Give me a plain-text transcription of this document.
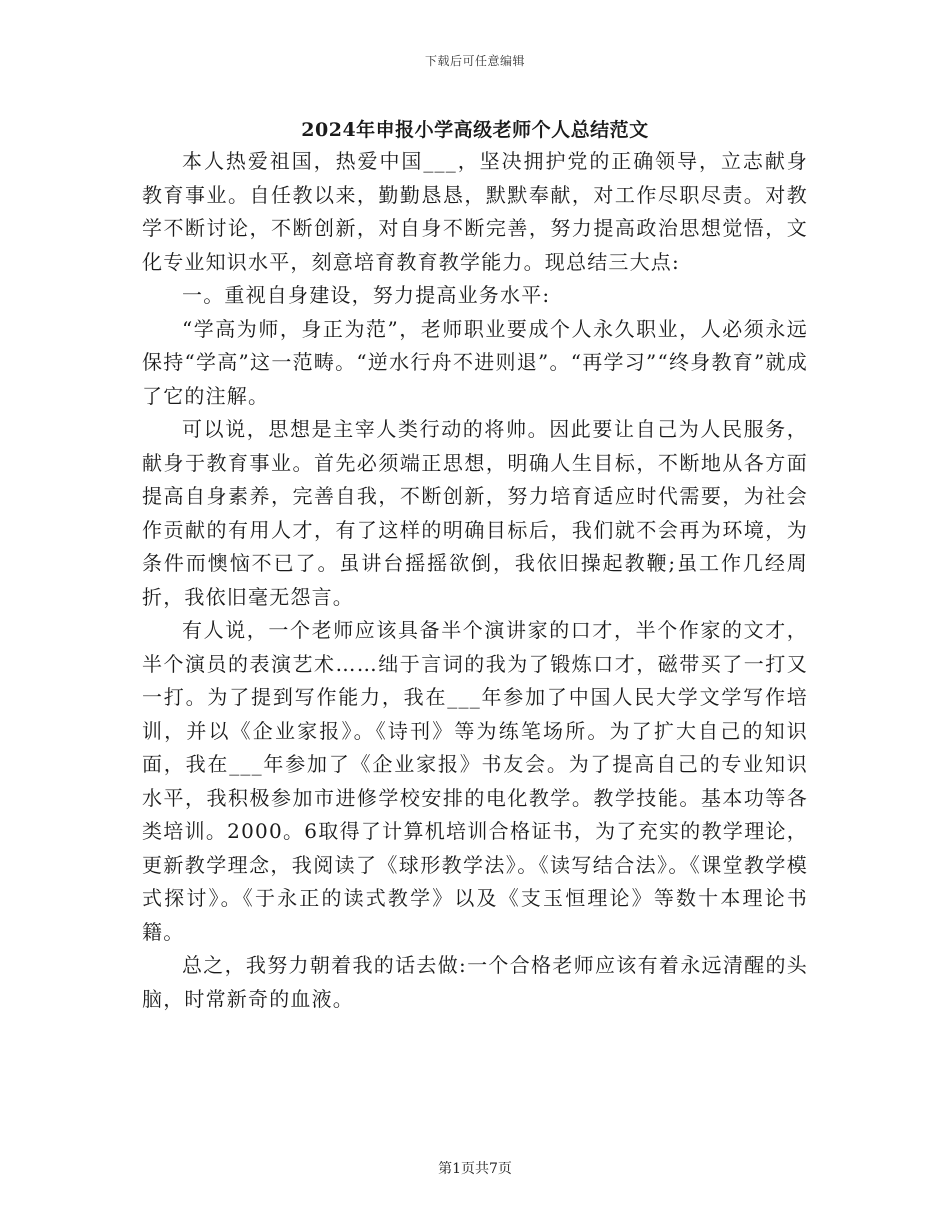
下载后可任意编辑
2024年申报小学高级老师个人总结范文

本人热爱祖国，热爱中国___，坚决拥护党的正确领导，立志献身教育事业。自任教以来，勤勤恳恳，默默奉献，对工作尽职尽责。对教学不断讨论，不断创新，对自身不断完善，努力提高政治思想觉悟，文化专业知识水平，刻意培育教育教学能力。现总结三大点:

一。重视自身建设，努力提高业务水平:

“学高为师，身正为范”，老师职业要成个人永久职业，人必须永远保持“学高”这一范畴。“逆水行舟不进则退”。“再学习”“终身教育”就成了它的注解。

可以说，思想是主宰人类行动的将帅。因此要让自己为人民服务，献身于教育事业。首先必须端正思想，明确人生目标，不断地从各方面提高自身素养，完善自我，不断创新，努力培育适应时代需要，为社会作贡献的有用人才，有了这样的明确目标后，我们就不会再为环境，为条件而懊恼不已了。虽讲台摇摇欲倒，我依旧操起教鞭;虽工作几经周折，我依旧毫无怨言。

有人说，一个老师应该具备半个演讲家的口才，半个作家的文才，半个演员的表演艺术……绌于言词的我为了锻炼口才，磁带买了一打又一打。为了提到写作能力，我在___年参加了中国人民大学文学写作培训，并以《企业家报》。《诗刊》等为练笔场所。为了扩大自己的知识面，我在___年参加了《企业家报》书友会。为了提高自己的专业知识水平，我积极参加市进修学校安排的电化教学。教学技能。基本功等各类培训。2000。6取得了计算机培训合格证书，为了充实的教学理论，更新教学理念，我阅读了《球形教学法》。《读写结合法》。《课堂教学模式探讨》。《于永正的读式教学》以及《支玉恒理论》等数十本理论书籍。

总之，我努力朝着我的话去做:一个合格老师应该有着永远清醒的头脑，时常新奇的血液。

第1页共7页
